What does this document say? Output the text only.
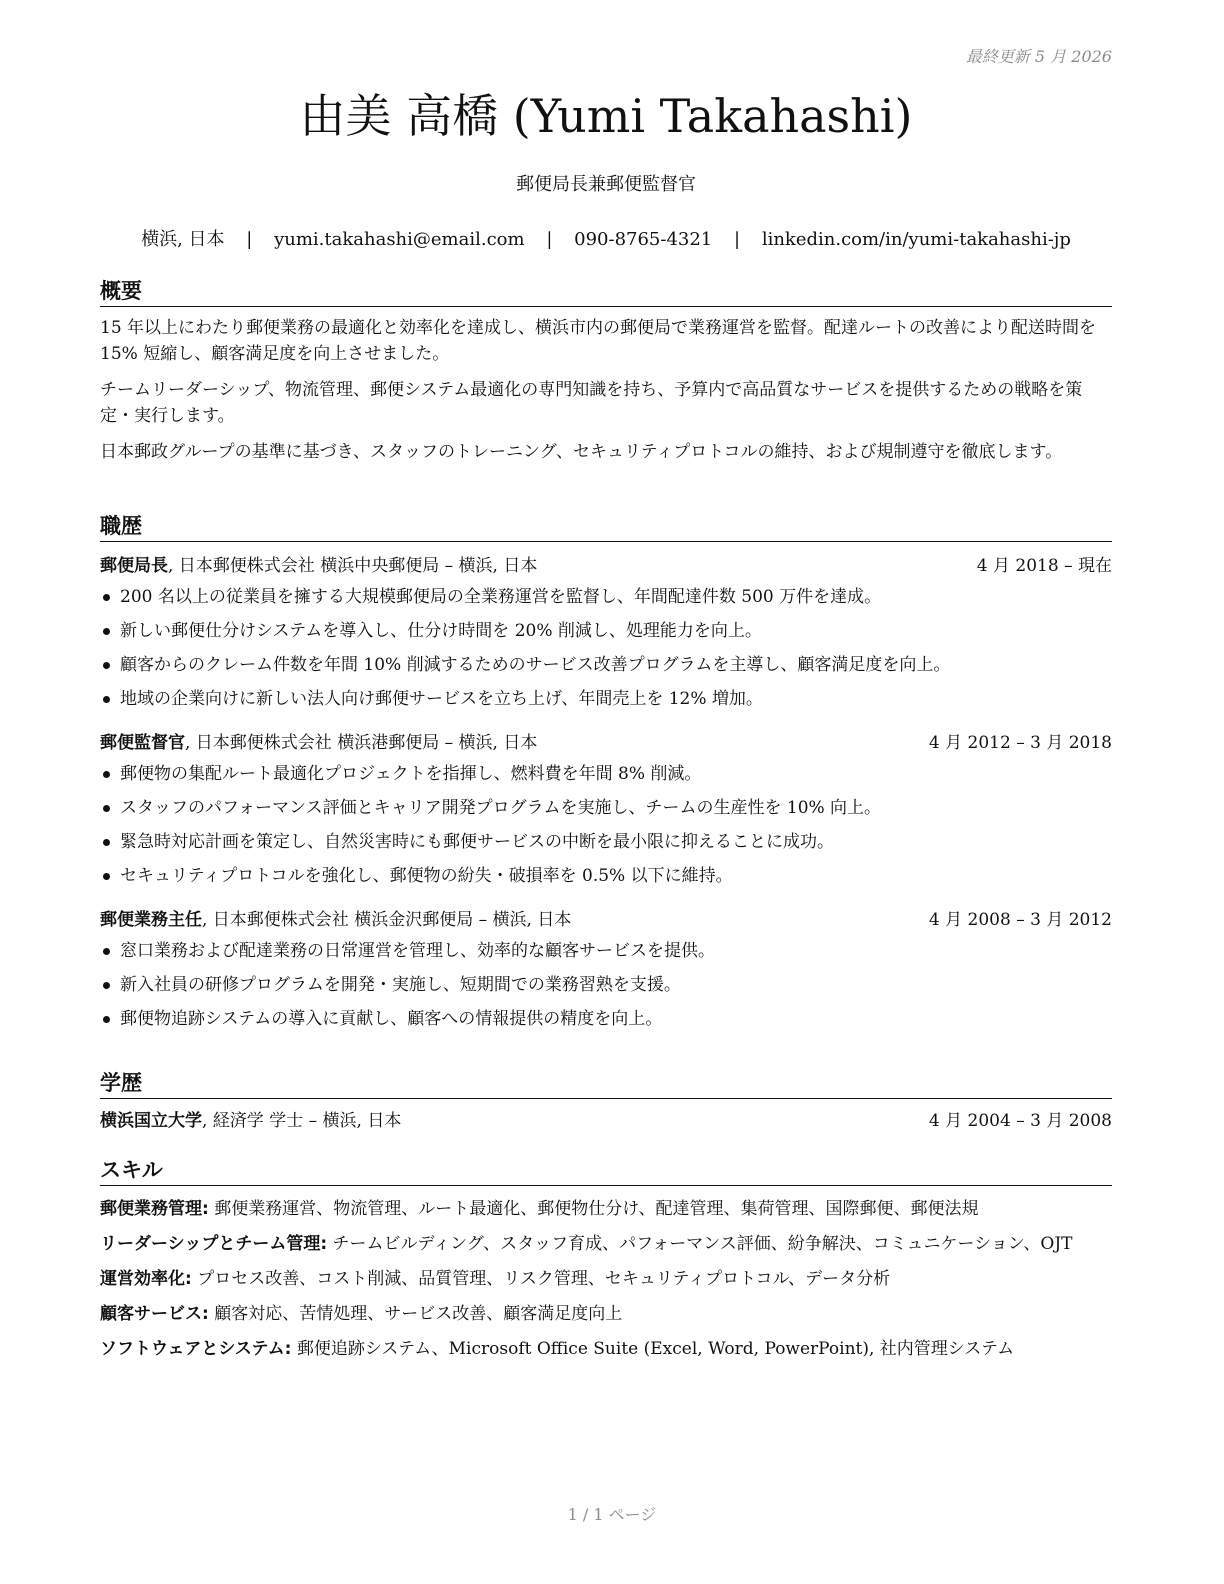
最終更新 5 月 2026
由美 高橋 (Yumi Takahashi)
郵便局長兼郵便監督官
横浜, 日本 | yumi.takahashi@email.com | 090-8765-4321 | linkedin.com/in/yumi-takahashi-jp
概要

15 年以上にわたり郵便業務の最適化と効率化を達成し、横浜市内の郵便局で業務運営を監督。配達ルートの改善により配送時間を 15% 短縮し、顧客満足度を向上させました。

チームリーダーシップ、物流管理、郵便システム最適化の専門知識を持ち、予算内で高品質なサービスを提供するための戦略を策定・実行します。

日本郵政グループの基準に基づき、スタッフのトレーニング、セキュリティプロトコルの維持、および規制遵守を徹底します。

職歴
郵便局長, 日本郵便株式会社 横浜中央郵便局 – 横浜, 日本	4 月 2018 – 現在
200 名以上の従業員を擁する大規模郵便局の全業務運営を監督し、年間配達件数 500 万件を達成。
新しい郵便仕分けシステムを導入し、仕分け時間を 20% 削減し、処理能力を向上。
顧客からのクレーム件数を年間 10% 削減するためのサービス改善プログラムを主導し、顧客満足度を向上。
地域の企業向けに新しい法人向け郵便サービスを立ち上げ、年間売上を 12% 増加。
郵便監督官, 日本郵便株式会社 横浜港郵便局 – 横浜, 日本	4 月 2012 – 3 月 2018
郵便物の集配ルート最適化プロジェクトを指揮し、燃料費を年間 8% 削減。
スタッフのパフォーマンス評価とキャリア開発プログラムを実施し、チームの生産性を 10% 向上。
緊急時対応計画を策定し、自然災害時にも郵便サービスの中断を最小限に抑えることに成功。
セキュリティプロトコルを強化し、郵便物の紛失・破損率を 0.5% 以下に維持。
郵便業務主任, 日本郵便株式会社 横浜金沢郵便局 – 横浜, 日本	4 月 2008 – 3 月 2012
窓口業務および配達業務の日常運営を管理し、効率的な顧客サービスを提供。
新入社員の研修プログラムを開発・実施し、短期間での業務習熟を支援。
郵便物追跡システムの導入に貢献し、顧客への情報提供の精度を向上。
学歴
横浜国立大学, 経済学 学士 – 横浜, 日本	4 月 2004 – 3 月 2008
スキル

郵便業務管理: 郵便業務運営、物流管理、ルート最適化、郵便物仕分け、配達管理、集荷管理、国際郵便、郵便法規

リーダーシップとチーム管理: チームビルディング、スタッフ育成、パフォーマンス評価、紛争解決、コミュニケーション、OJT

運営効率化: プロセス改善、コスト削減、品質管理、リスク管理、セキュリティプロトコル、データ分析

顧客サービス: 顧客対応、苦情処理、サービス改善、顧客満足度向上

ソフトウェアとシステム: 郵便追跡システム、Microsoft Office Suite (Excel, Word, PowerPoint), 社内管理システム

1 / 1 ページ
